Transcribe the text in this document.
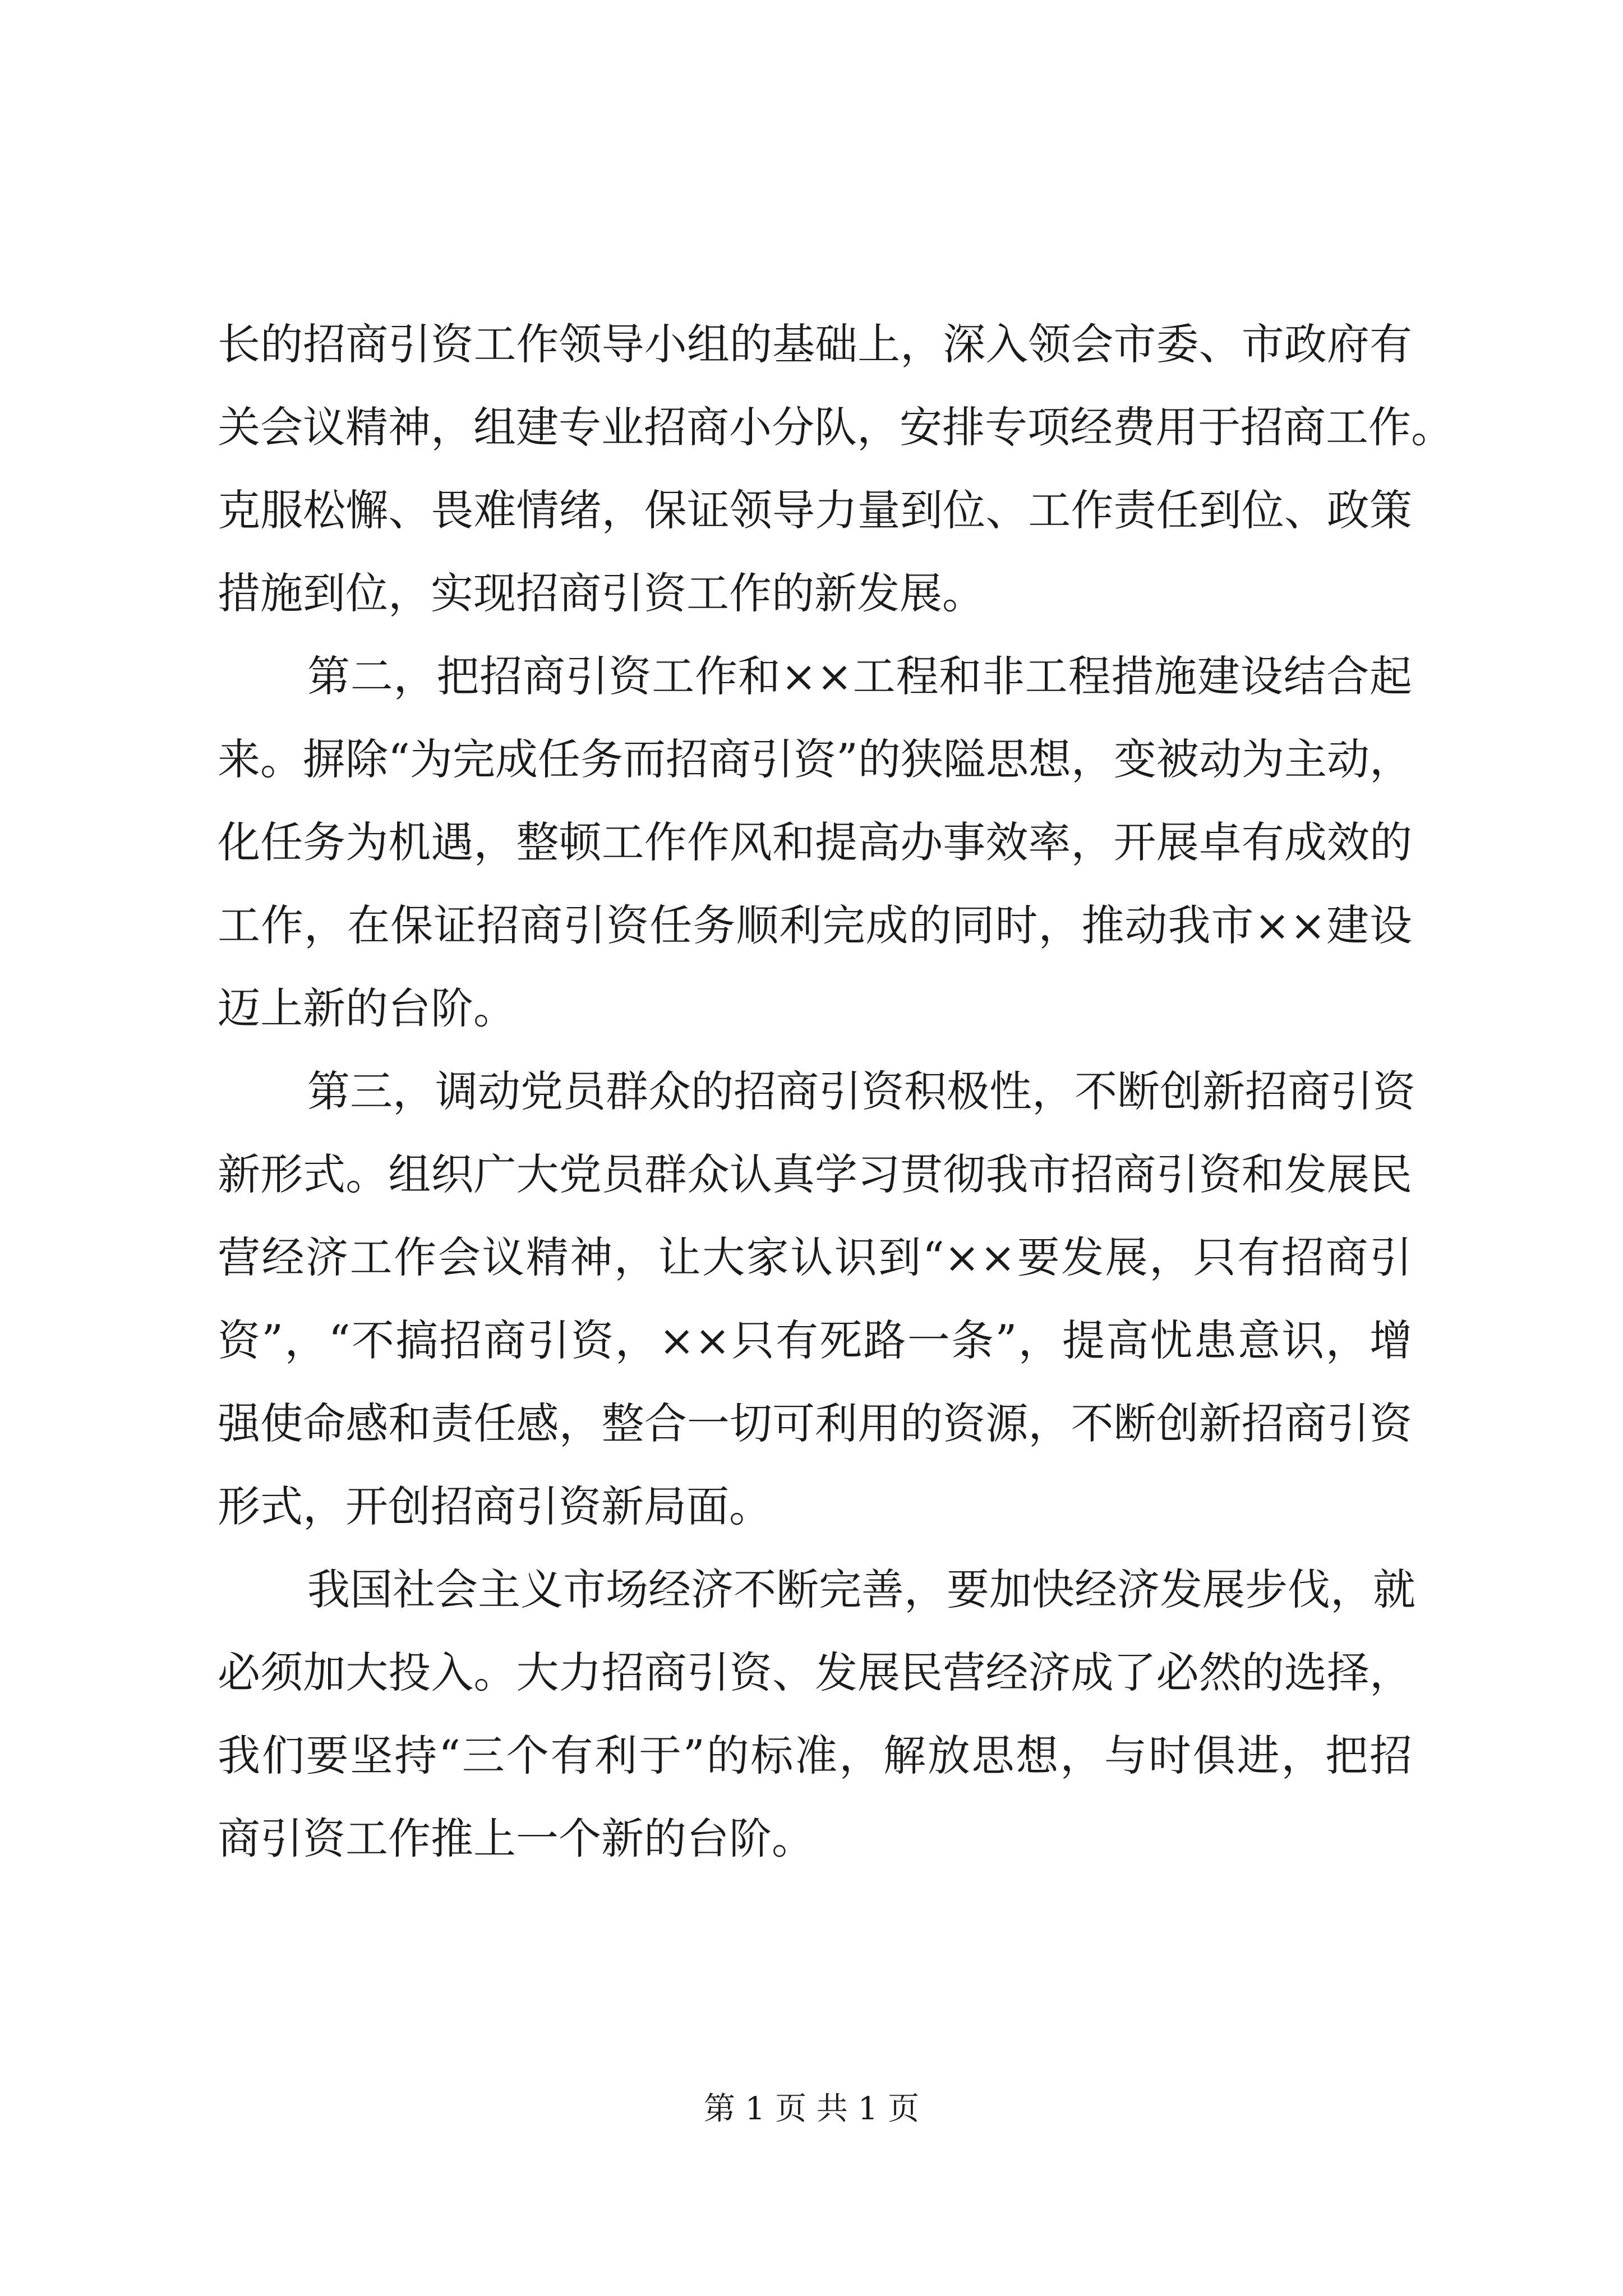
长的招商引资工作领导小组的基础上，深入领会市委、市政府有
关会议精神，组建专业招商小分队，安排专项经费用于招商工作。
克服松懈、畏难情绪，保证领导力量到位、工作责任到位、政策
措施到位，实现招商引资工作的新发展。
第二，把招商引资工作和××工程和非工程措施建设结合起
来。摒除“为完成任务而招商引资”的狭隘思想，变被动为主动，
化任务为机遇，整顿工作作风和提高办事效率，开展卓有成效的
工作，在保证招商引资任务顺利完成的同时，推动我市××建设
迈上新的台阶。
第三，调动党员群众的招商引资积极性，不断创新招商引资
新形式。组织广大党员群众认真学习贯彻我市招商引资和发展民
营经济工作会议精神，让大家认识到“××要发展，只有招商引
资”，“不搞招商引资，××只有死路一条”，提高忧患意识，增
强使命感和责任感，整合一切可利用的资源，不断创新招商引资
形式，开创招商引资新局面。
我国社会主义市场经济不断完善，要加快经济发展步伐，就
必须加大投入。大力招商引资、发展民营经济成了必然的选择，
我们要坚持“三个有利于”的标准，解放思想，与时俱进，把招
商引资工作推上一个新的台阶。
第 1 页 共 1 页
